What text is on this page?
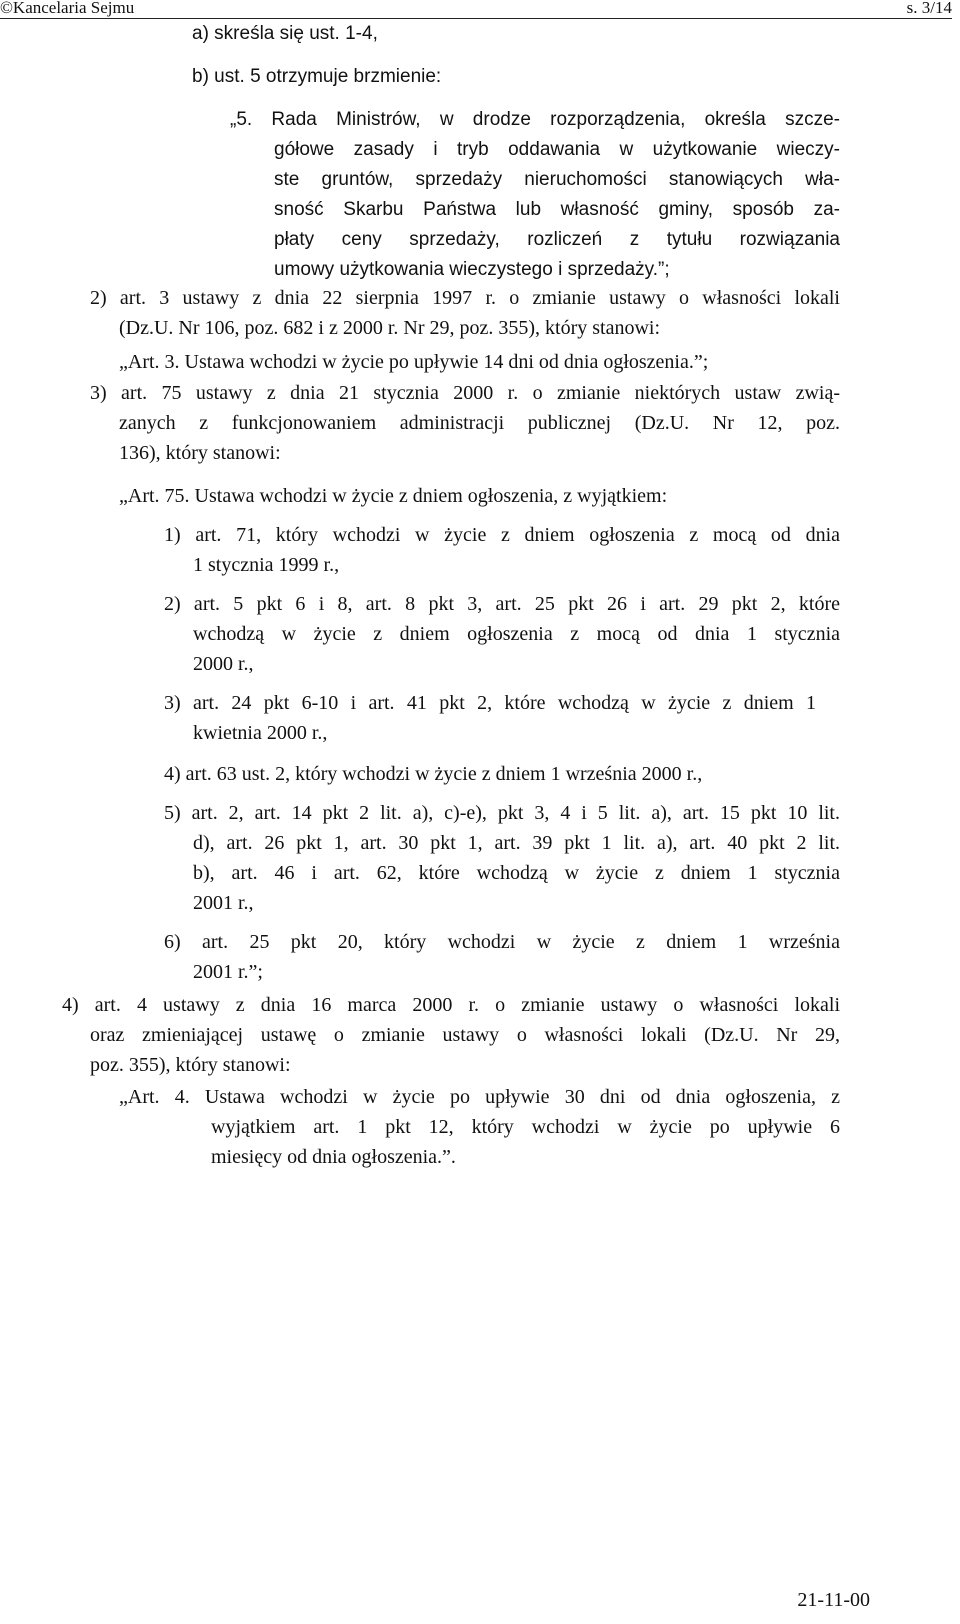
©Kancelaria Sejmu	s. 3/14

a) skreśla się ust. 1-4,

b) ust. 5 otrzymuje brzmienie:

„5. Rada Ministrów, w drodze rozporządzenia, określa szcze-

gółowe zasady i tryb oddawania w użytkowanie wieczy-

ste gruntów, sprzedaży nieruchomości stanowiących wła-

sność Skarbu Państwa lub własność gminy, sposób za-

płaty ceny sprzedaży, rozliczeń z tytułu rozwiązania

umowy użytkowania wieczystego i sprzedaży.”;

2) art. 3 ustawy z dnia 22 sierpnia 1997 r. o zmianie ustawy o własności lokali

(Dz.U. Nr 106, poz. 682 i z 2000 r. Nr 29, poz. 355), który stanowi:

„Art. 3. Ustawa wchodzi w życie po upływie 14 dni od dnia ogłoszenia.”;

3) art. 75 ustawy z dnia 21 stycznia 2000 r. o zmianie niektórych ustaw zwią-

zanych z funkcjonowaniem administracji publicznej (Dz.U. Nr 12, poz.

136), który stanowi:

„Art. 75. Ustawa wchodzi w życie z dniem ogłoszenia, z wyjątkiem:

1) art. 71, który wchodzi w życie z dniem ogłoszenia z mocą od dnia

1 stycznia 1999 r.,

2) art. 5 pkt 6 i 8, art. 8 pkt 3, art. 25 pkt 26 i art. 29 pkt 2, które

wchodzą w życie z dniem ogłoszenia z mocą od dnia 1 stycznia

2000 r.,

3) art. 24 pkt 6-10 i art. 41 pkt 2, które wchodzą w życie z dniem 1

kwietnia 2000 r.,

4) art. 63 ust. 2, który wchodzi w życie z dniem 1 września 2000 r.,

5) art. 2, art. 14 pkt 2 lit. a), c)-e), pkt 3, 4 i 5 lit. a), art. 15 pkt 10 lit.

d), art. 26 pkt 1, art. 30 pkt 1, art. 39 pkt 1 lit. a), art. 40 pkt 2 lit.

b), art. 46 i art. 62, które wchodzą w życie z dniem 1 stycznia

2001 r.,

6) art. 25 pkt 20, który wchodzi w życie z dniem 1 września

2001 r.”;

4) art. 4 ustawy z dnia 16 marca 2000 r. o zmianie ustawy o własności lokali

oraz zmieniającej ustawę o zmianie ustawy o własności lokali (Dz.U. Nr 29,

poz. 355), który stanowi:

„Art. 4. Ustawa wchodzi w życie po upływie 30 dni od dnia ogłoszenia, z

wyjątkiem art. 1 pkt 12, który wchodzi w życie po upływie 6

miesięcy od dnia ogłoszenia.”.

21-11-00
